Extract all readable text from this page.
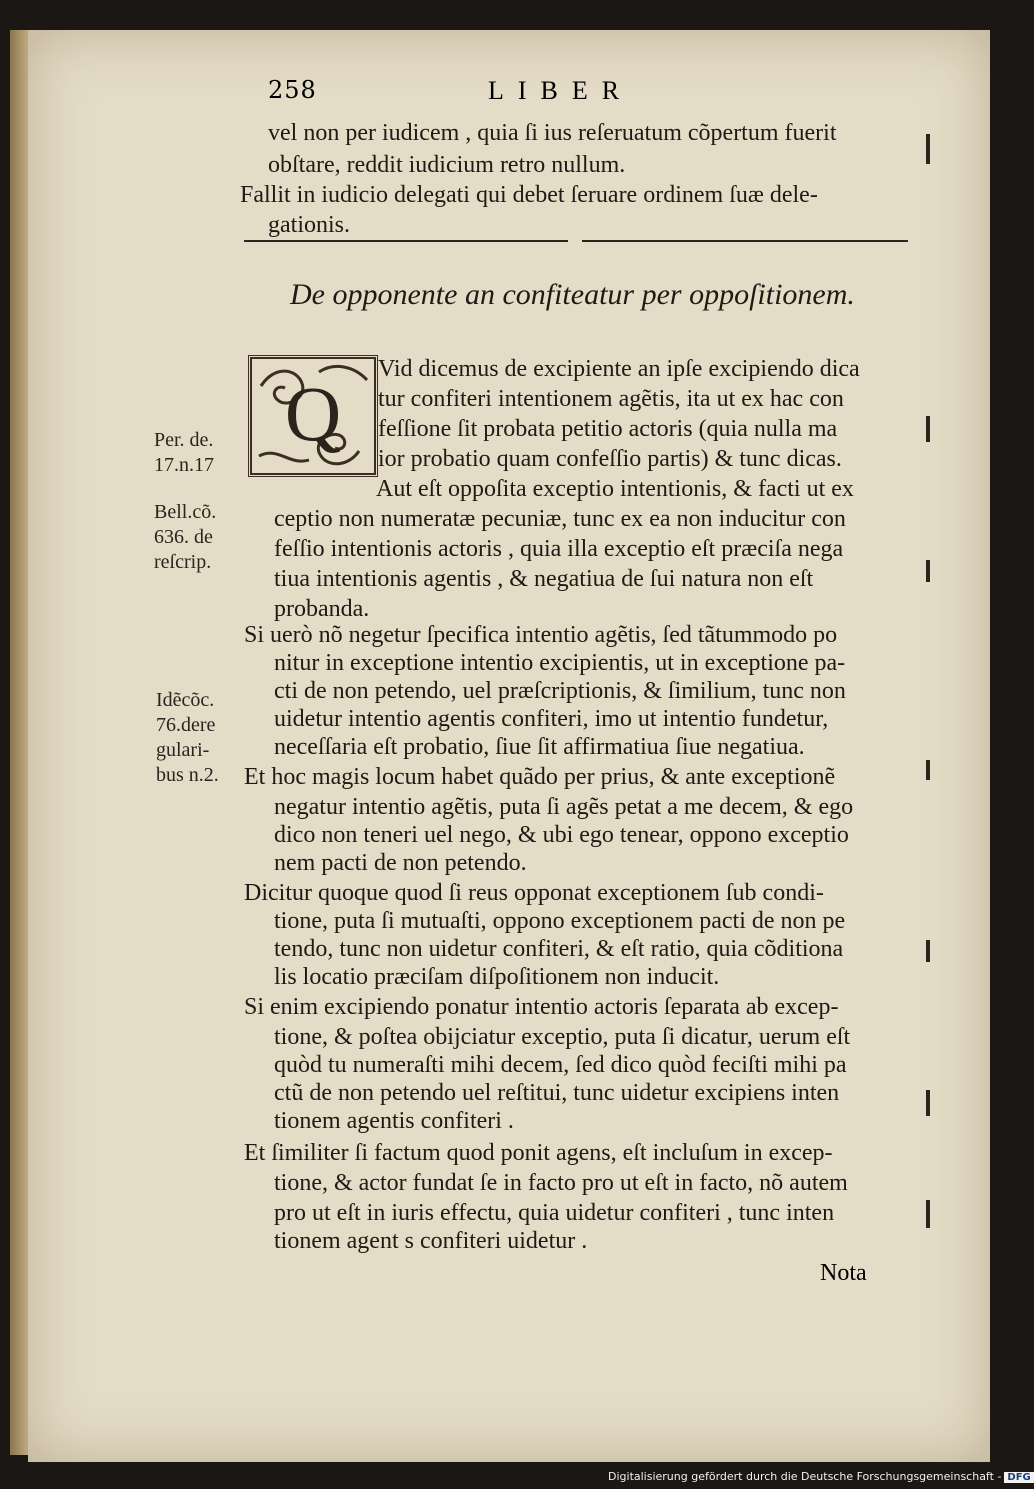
258	LIBER
vel non per iudicem , quia ſi ius reſeruatum cõpertum fuerit
obſtare, reddit iudicium retro nullum.
Fallit in iudicio delegati qui debet ſeruare ordinem ſuæ dele-
gationis.
De opponente an confiteatur per oppoſitionem.
Q
Vid dicemus de excipiente an ipſe excipiendo dica
tur confiteri intentionem agẽtis, ita ut ex hac con
feſſione ſit probata petitio actoris (quia nulla ma
ior probatio quam confeſſio partis) & tunc dicas.
Aut eſt oppoſita exceptio intentionis, & facti ut ex
ceptio non numeratæ pecuniæ, tunc ex ea non inducitur con
feſſio intentionis actoris , quia illa exceptio eſt præciſa nega
tiua intentionis agentis , & negatiua de ſui natura non eſt
probanda.
Si uerò nõ negetur ſpecifica intentio agẽtis, ſed tãtummodo po
nitur in exceptione intentio excipientis, ut in exceptione pa-
cti de non petendo, uel præſcriptionis, & ſimilium, tunc non
uidetur intentio agentis confiteri, imo ut intentio fundetur,
neceſſaria eſt probatio, ſiue ſit affirmatiua ſiue negatiua.
Et hoc magis locum habet quãdo per prius, & ante exceptionẽ
negatur intentio agẽtis, puta ſi agẽs petat a me decem, & ego
dico non teneri uel nego, & ubi ego tenear, oppono exceptio
nem pacti de non petendo.
Dicitur quoque quod ſi reus opponat exceptionem ſub condi-
tione, puta ſi mutuaſti, oppono exceptionem pacti de non pe
tendo, tunc non uidetur confiteri, & eſt ratio, quia cõditiona
lis locatio præciſam diſpoſitionem non inducit.
Si enim excipiendo ponatur intentio actoris ſeparata ab excep-
tione, & poſtea obijciatur exceptio, puta ſi dicatur, uerum eſt
quòd tu numeraſti mihi decem, ſed dico quòd feciſti mihi pa
ctũ de non petendo uel reſtitui, tunc uidetur excipiens inten
tionem agentis confiteri .
Et ſimiliter ſi factum quod ponit agens, eſt incluſum in excep-
tione, & actor fundat ſe in facto pro ut eſt in facto, nõ autem
pro ut eſt in iuris effectu, quia uidetur confiteri , tunc inten
tionem agent s confiteri uidetur .
Per. de.
17.n.17
Bell.cõ.
636. de
reſcrip.
Idẽcõc.
76.dere
gulari-
bus n.2.
Nota
Digitalisierung gefördert durch die Deutsche Forschungsgemeinschaft - DFG
